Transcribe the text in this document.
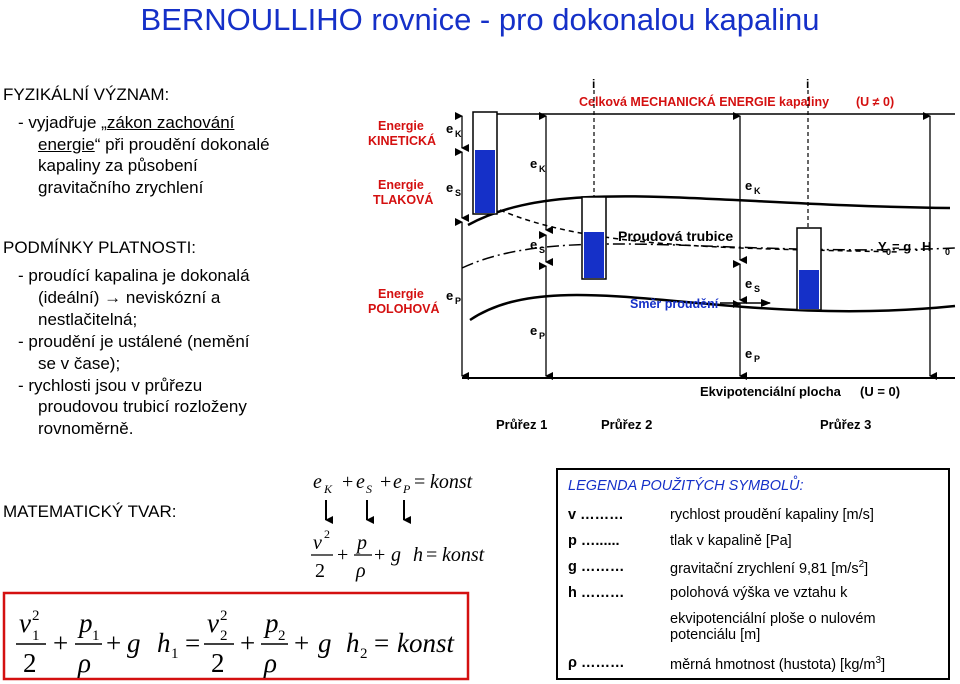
BERNOULLIHO rovnice - pro dokonalou kapalinu
FYZIKÁLNÍ VÝZNAM:
- vyjadřuje „zákon zachování
energie“ při proudění dokonalé
kapaliny za působení
gravitačního zrychlení
PODMÍNKY PLATNOSTI:
- proudící kapalina je dokonalá
(ideální) → neviskózní a
nestlačitelná;
- proudění je ustálené (nemění
se v čase);
- rychlosti jsou v průřezu
proudovou trubicí rozloženy
rovnoměrně.
MATEMATICKÝ TVAR:
e K + e S + e P = konst
v 2
2
+
p
ρ
+ g h = konst
v 2
1
2
+
p 1
ρ
+ g h 1 =
v 2
2
2
+
p 2
ρ
+ g h 2 = konst
Energie
KINETICKÁ
Energie
TLAKOVÁ
Energie
POLOHOVÁ
Celková MECHANICKÁ ENERGIE kapaliny (U ≠ 0)
i	i
e K
e S
e P
e K
e S
e P
e K
e S
e P
Proudová trubice
Y 0 = g . H 0
Směr proudění
Ekvipotenciální plocha (U = 0)
Průřez 1	Průřez 2	Průřez 3
LEGENDA POUŽITÝCH SYMBOLŮ:
v ………	rychlost proudění kapaliny [m/s]
p …......	tlak v kapalině [Pa]
g ………	gravitační zrychlení 9,81 $[m/s^2]$
h ………	polohová výška ve vztahu k
ekvipotenciální ploše o nulovém
potenciálu [m]
ρ ………	měrná hmotnost (hustota) $[kg/m^3]$
